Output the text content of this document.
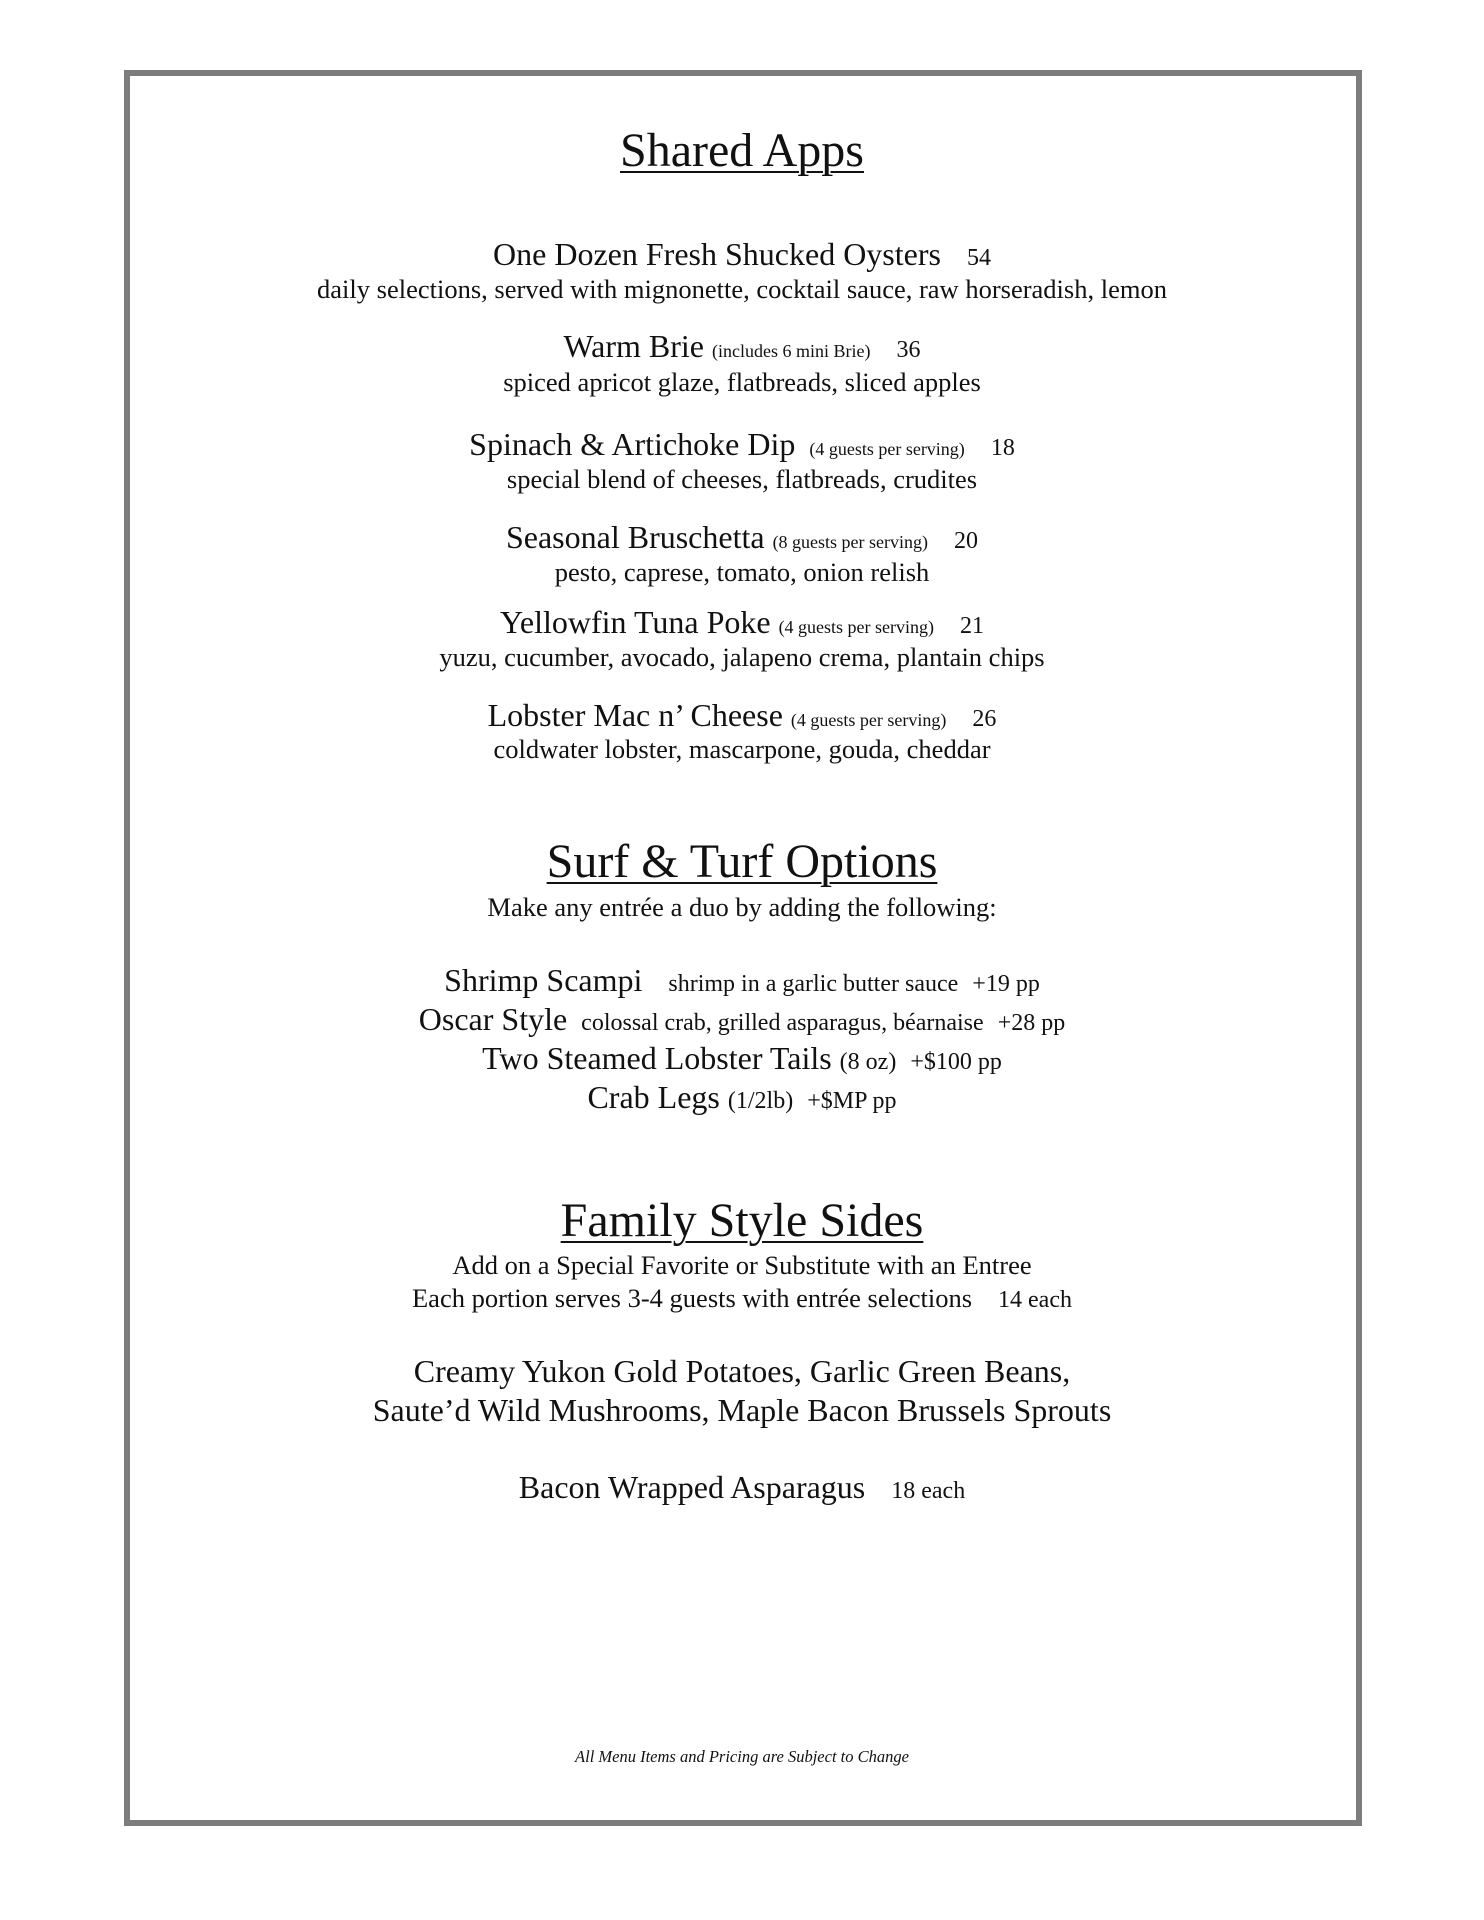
Shared Apps
One Dozen Fresh Shucked Oysters 54
daily selections, served with mignonette, cocktail sauce, raw horseradish, lemon
Warm Brie (includes 6 mini Brie) 36
spiced apricot glaze, flatbreads, sliced apples
Spinach & Artichoke Dip (4 guests per serving) 18
special blend of cheeses, flatbreads, crudites
Seasonal Bruschetta (8 guests per serving) 20
pesto, caprese, tomato, onion relish
Yellowfin Tuna Poke (4 guests per serving) 21
yuzu, cucumber, avocado, jalapeno crema, plantain chips
Lobster Mac n’ Cheese (4 guests per serving) 26
coldwater lobster, mascarpone, gouda, cheddar
Surf & Turf Options
Make any entrée a duo by adding the following:
Shrimp Scampi shrimp in a garlic butter sauce +19 pp
Oscar Style colossal crab, grilled asparagus, béarnaise +28 pp
Two Steamed Lobster Tails (8 oz) +$100 pp
Crab Legs (1/2lb) +$MP pp
Family Style Sides
Add on a Special Favorite or Substitute with an Entree
Each portion serves 3-4 guests with entrée selections 14 each
Creamy Yukon Gold Potatoes, Garlic Green Beans,
Saute’d Wild Mushrooms, Maple Bacon Brussels Sprouts
Bacon Wrapped Asparagus 18 each
All Menu Items and Pricing are Subject to Change
